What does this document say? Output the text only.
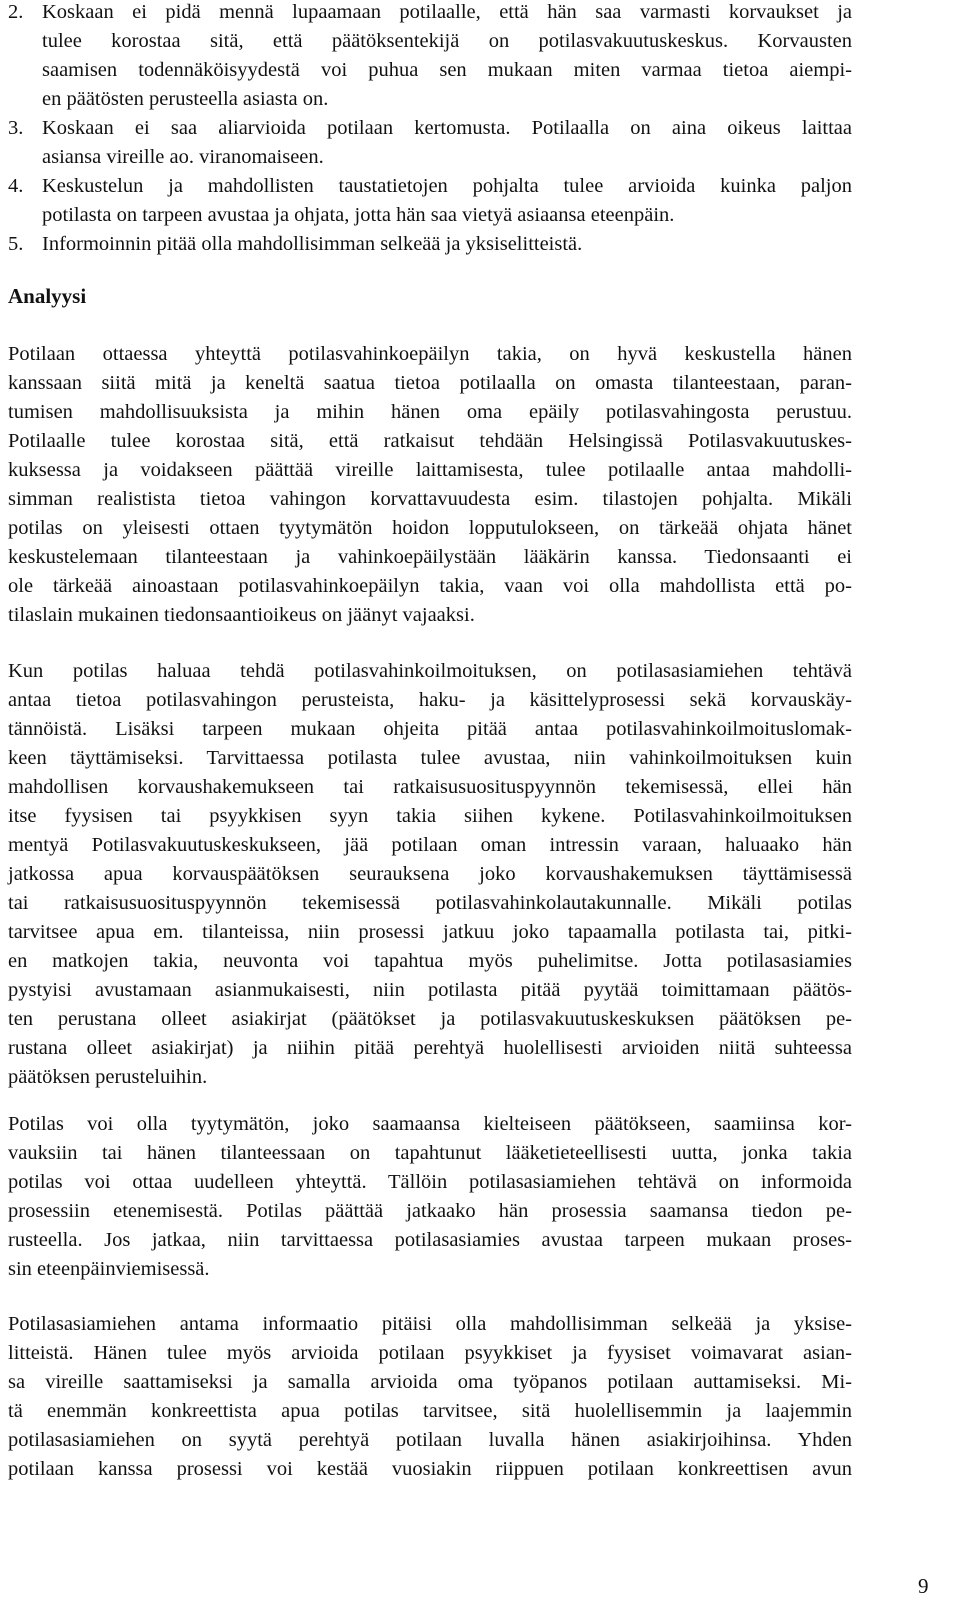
2. Koskaan ei pidä mennä lupaamaan potilaalle, että hän saa varmasti korvaukset ja
tulee korostaa sitä, että päätöksentekijä on potilasvakuutuskeskus. Korvausten
saamisen todennäköisyydestä voi puhua sen mukaan miten varmaa tietoa aiempi-
en päätösten perusteella asiasta on.
3. Koskaan ei saa aliarvioida potilaan kertomusta. Potilaalla on aina oikeus laittaa
asiansa vireille ao. viranomaiseen.
4. Keskustelun ja mahdollisten taustatietojen pohjalta tulee arvioida kuinka paljon
potilasta on tarpeen avustaa ja ohjata, jotta hän saa vietyä asiaansa eteenpäin.
5. Informoinnin pitää olla mahdollisimman selkeää ja yksiselitteistä.
Analyysi
Potilaan ottaessa yhteyttä potilasvahinkoepäilyn takia, on hyvä keskustella hänen
kanssaan siitä mitä ja keneltä saatua tietoa potilaalla on omasta tilanteestaan, paran-
tumisen mahdollisuuksista ja mihin hänen oma epäily potilasvahingosta perustuu.
Potilaalle tulee korostaa sitä, että ratkaisut tehdään Helsingissä Potilasvakuutuskes-
kuksessa ja voidakseen päättää vireille laittamisesta, tulee potilaalle antaa mahdolli-
simman realistista tietoa vahingon korvattavuudesta esim. tilastojen pohjalta. Mikäli
potilas on yleisesti ottaen tyytymätön hoidon lopputulokseen, on tärkeää ohjata hänet
keskustelemaan tilanteestaan ja vahinkoepäilystään lääkärin kanssa. Tiedonsaanti ei
ole tärkeää ainoastaan potilasvahinkoepäilyn takia, vaan voi olla mahdollista että po-
tilaslain mukainen tiedonsaantioikeus on jäänyt vajaaksi.
Kun potilas haluaa tehdä potilasvahinkoilmoituksen, on potilasasiamiehen tehtävä
antaa tietoa potilasvahingon perusteista, haku- ja käsittelyprosessi sekä korvauskäy-
tännöistä. Lisäksi tarpeen mukaan ohjeita pitää antaa potilasvahinkoilmoituslomak-
keen täyttämiseksi. Tarvittaessa potilasta tulee avustaa, niin vahinkoilmoituksen kuin
mahdollisen korvaushakemukseen tai ratkaisusuosituspyynnön tekemisessä, ellei hän
itse fyysisen tai psyykkisen syyn takia siihen kykene. Potilasvahinkoilmoituksen
mentyä Potilasvakuutuskeskukseen, jää potilaan oman intressin varaan, haluaako hän
jatkossa apua korvauspäätöksen seurauksena joko korvaushakemuksen täyttämisessä
tai ratkaisusuosituspyynnön tekemisessä potilasvahinkolautakunnalle. Mikäli potilas
tarvitsee apua em. tilanteissa, niin prosessi jatkuu joko tapaamalla potilasta tai, pitki-
en matkojen takia, neuvonta voi tapahtua myös puhelimitse. Jotta potilasasiamies
pystyisi avustamaan asianmukaisesti, niin potilasta pitää pyytää toimittamaan päätös-
ten perustana olleet asiakirjat (päätökset ja potilasvakuutuskeskuksen päätöksen pe-
rustana olleet asiakirjat) ja niihin pitää perehtyä huolellisesti arvioiden niitä suhteessa
päätöksen perusteluihin.
Potilas voi olla tyytymätön, joko saamaansa kielteiseen päätökseen, saamiinsa kor-
vauksiin tai hänen tilanteessaan on tapahtunut lääketieteellisesti uutta, jonka takia
potilas voi ottaa uudelleen yhteyttä. Tällöin potilasasiamiehen tehtävä on informoida
prosessiin etenemisestä. Potilas päättää jatkaako hän prosessia saamansa tiedon pe-
rusteella. Jos jatkaa, niin tarvittaessa potilasasiamies avustaa tarpeen mukaan proses-
sin eteenpäinviemisessä.
Potilasasiamiehen antama informaatio pitäisi olla mahdollisimman selkeää ja yksise-
litteistä. Hänen tulee myös arvioida potilaan psyykkiset ja fyysiset voimavarat asian-
sa vireille saattamiseksi ja samalla arvioida oma työpanos potilaan auttamiseksi. Mi-
tä enemmän konkreettista apua potilas tarvitsee, sitä huolellisemmin ja laajemmin
potilasasiamiehen on syytä perehtyä potilaan luvalla hänen asiakirjoihinsa. Yhden
potilaan kanssa prosessi voi kestää vuosiakin riippuen potilaan konkreettisen avun
9
